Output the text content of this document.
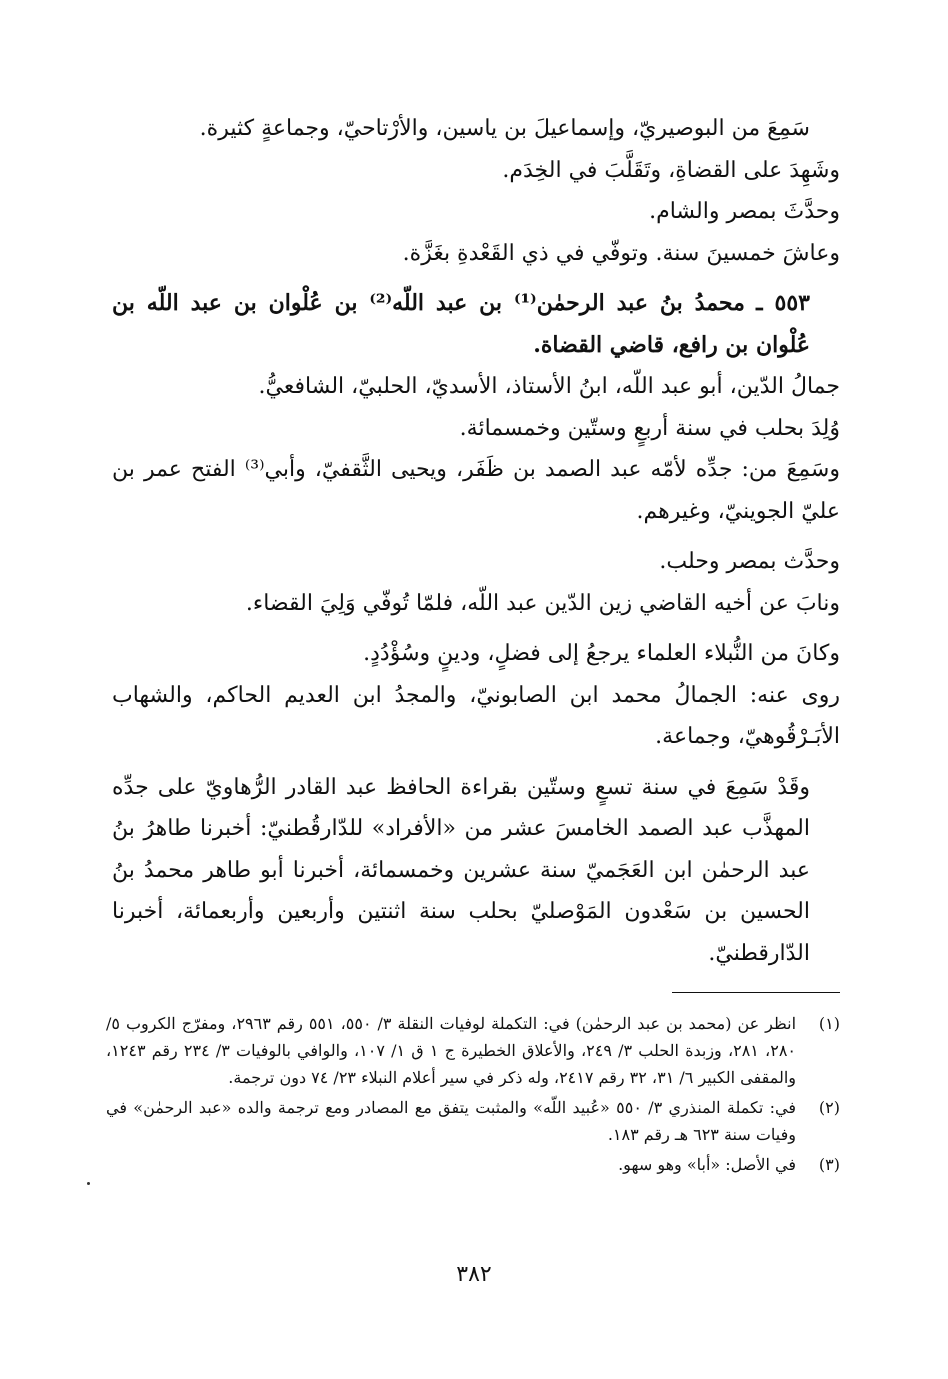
سَمِعَ من البوصيريّ، وإسماعيلَ بن ياسين، والأرْتاحيّ، وجماعةٍ كثيرة.

وشَهِدَ على القضاةِ، وتَقَلَّبَ في الخِدَم.

وحدَّثَ بمصر والشام.

وعاشَ خمسينَ سنة. وتوفّي في ذي القَعْدةِ بغَزَّة.

٥٥٣ ـ محمدُ بنُ عبد الرحمٰن⁽¹⁾ بن عبد اللّه⁽²⁾ بن عُلْوان بن عبد اللّه بن عُلْوان بن رافع، قاضي القضاة.

جمالُ الدّين، أبو عبد اللّه، ابنُ الأستاذ، الأسديّ، الحلبيّ، الشافعيُّ.

وُلِدَ بحلب في سنة أربعٍ وستّين وخمسمائة.

وسَمِعَ من: جدِّه لأمّه عبد الصمد بن ظَفَر، ويحيى الثَّقفيّ، وأبي⁽³⁾ الفتح عمر بن عليّ الجوينيّ، وغيرهم.

وحدَّث بمصر وحلب.

ونابَ عن أخيه القاضي زين الدّين عبد اللّه، فلمّا تُوفّي وَلِيَ القضاء.

وكانَ من النُّبلاء العلماء يرجعُ إلى فضلٍ، ودينٍ وسُؤْدُدٍ.

روى عنه: الجمالُ محمد ابن الصابونيّ، والمجدُ ابن العديم الحاكم، والشهاب الأبَـرْقُوهيّ، وجماعة.

وقَدْ سَمِعَ في سنة تسعٍ وستّين بقراءة الحافظ عبد القادر الرُّهاويّ على جدِّه المهذَّب عبد الصمد الخامسَ عشر من «الأفراد» للدّارقُطنيّ: أخبرنا طاهرُ بنُ عبد الرحمٰن ابن العَجَميّ سنة عشرين وخمسمائة، أخبرنا أبو طاهر محمدُ بنُ الحسين بن سَعْدون المَوْصليّ بحلب سنة اثنتين وأربعين وأربعمائة، أخبرنا الدّارقطنيّ.

(١)
انظر عن (محمد بن عبد الرحمٰن) في: التكملة لوفيات النقلة ٣/ ٥٥٠، ٥٥١ رقم ٢٩٦٣، ومفرّج الكروب ٥/ ٢٨٠، ٢٨١، وزبدة الحلب ٣/ ٢٤٩، والأعلاق الخطيرة ج ١ ق ١/ ١٠٧، والوافي بالوفيات ٣/ ٢٣٤ رقم ١٢٤٣، والمقفى الكبير ٦/ ٣١، ٣٢ رقم ٢٤١٧، وله ذكر في سير أعلام النبلاء ٢٣/ ٧٤ دون ترجمة.
(٢)
في: تكملة المنذري ٣/ ٥٥٠ «عُبيد اللّه» والمثبت يتفق مع المصادر ومع ترجمة والده «عبد الرحمٰن» في وفيات سنة ٦٢٣ هـ رقم ١٨٣.
(٣)
في الأصل: «أبا» وهو سهو.
٣٨٢
